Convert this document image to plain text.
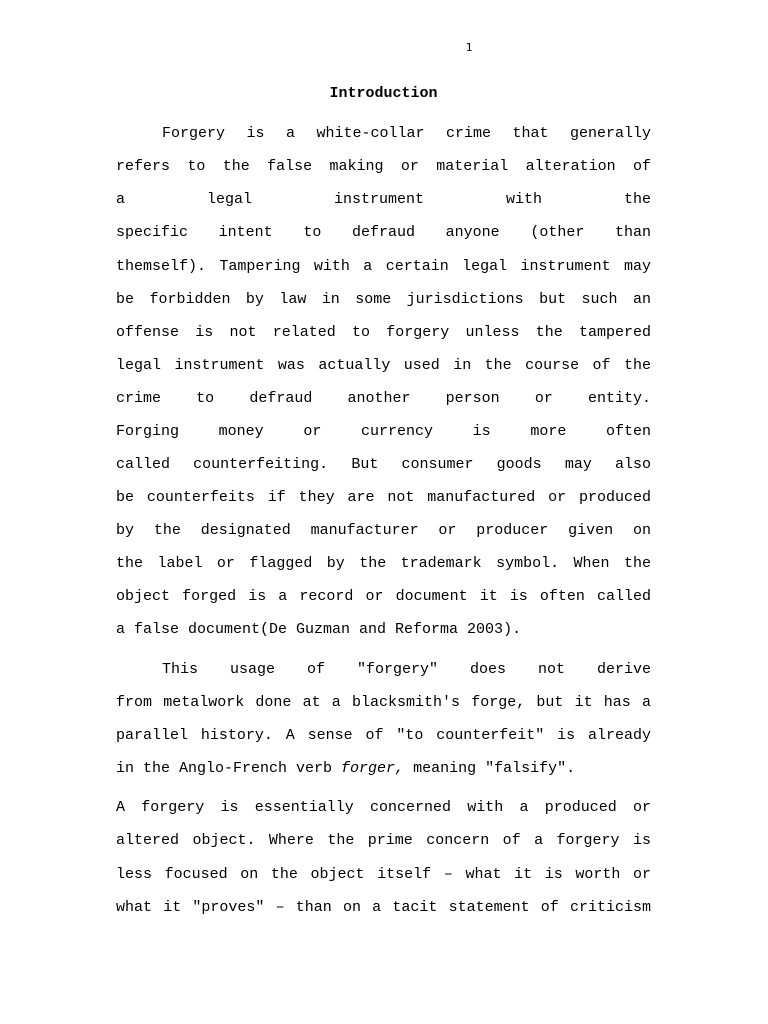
1
Introduction
Forgery is a white-collar crime that generally
refers to the false making or material alteration of
a legal instrument with the
specific intent to defraud anyone (other than
themself). Tampering with a certain legal instrument may
be forbidden by law in some jurisdictions but such an
offense is not related to forgery unless the tampered
legal instrument was actually used in the course of the
crime to defraud another person or entity.
Forging money or currency is more often
called counterfeiting. But consumer goods may also
be counterfeits if they are not manufactured or produced
by the designated manufacturer or producer given on
the label or flagged by the trademark symbol. When the
object forged is a record or document it is often called
a false document(De Guzman and Reforma 2003).
This usage of "forgery" does not derive
from metalwork done at a blacksmith's forge, but it has a
parallel history. A sense of "to counterfeit" is already
in the Anglo-French verb forger, meaning "falsify".
A forgery is essentially concerned with a produced or
altered object. Where the prime concern of a forgery is
less focused on the object itself – what it is worth or
what it "proves" – than on a tacit statement of criticism
